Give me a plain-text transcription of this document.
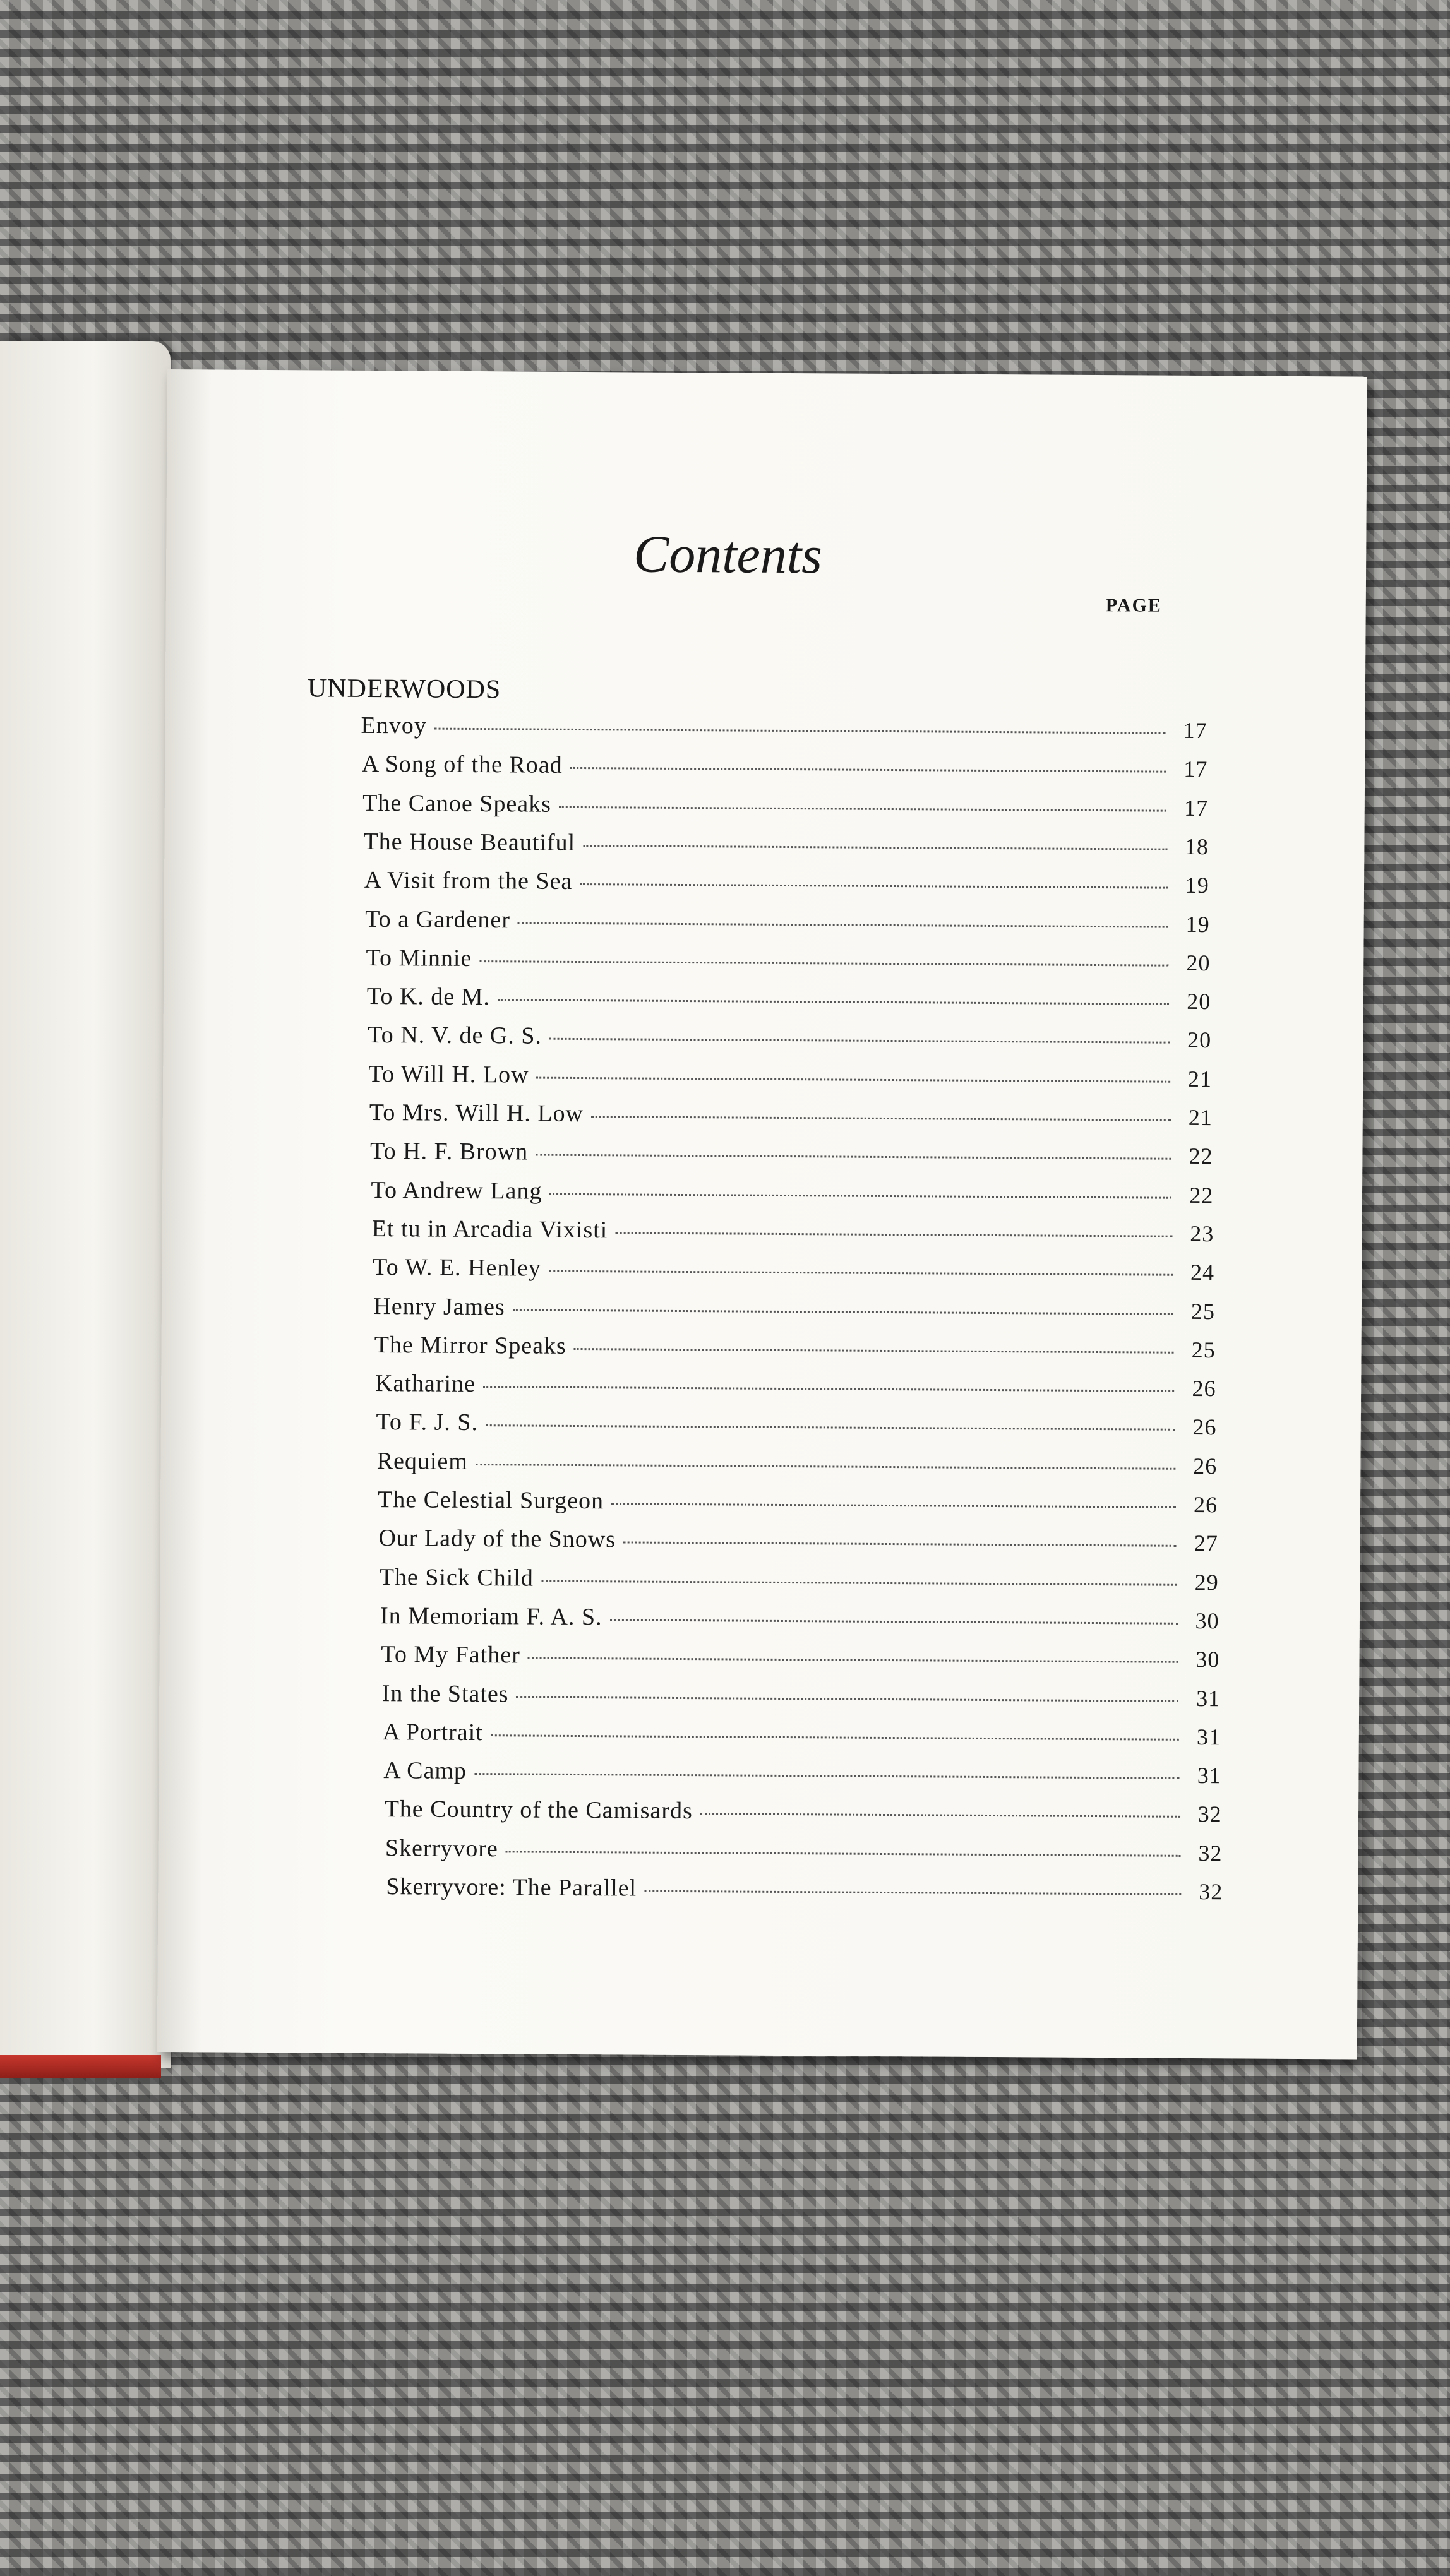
Contents
PAGE
UNDERWOODS
Envoy	17
A Song of the Road	17
The Canoe Speaks	17
The House Beautiful	18
A Visit from the Sea	19
To a Gardener	19
To Minnie	20
To K. de M.	20
To N. V. de G. S.	20
To Will H. Low	21
To Mrs. Will H. Low	21
To H. F. Brown	22
To Andrew Lang	22
Et tu in Arcadia Vixisti	23
To W. E. Henley	24
Henry James	25
The Mirror Speaks	25
Katharine	26
To F. J. S.	26
Requiem	26
The Celestial Surgeon	26
Our Lady of the Snows	27
The Sick Child	29
In Memoriam F. A. S.	30
To My Father	30
In the States	31
A Portrait	31
A Camp	31
The Country of the Camisards	32
Skerryvore	32
Skerryvore: The Parallel	32
